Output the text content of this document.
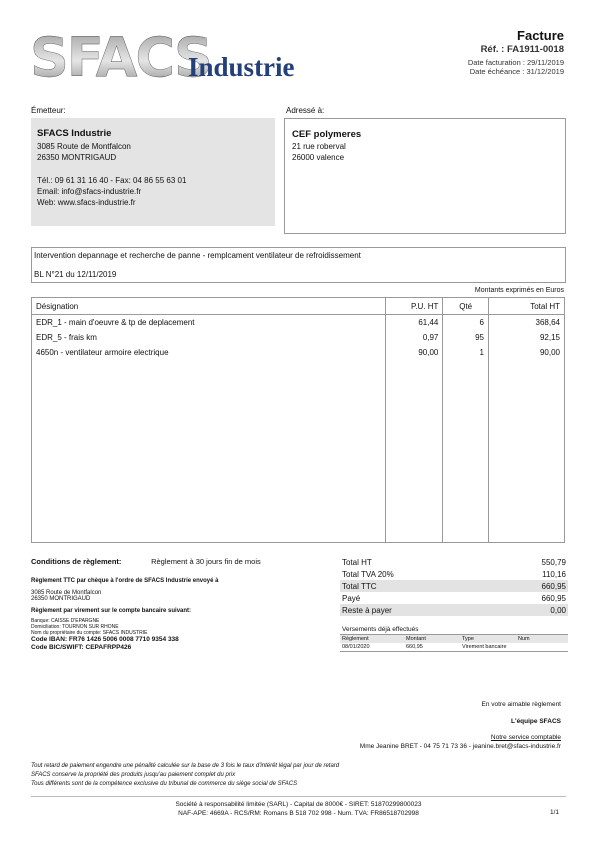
SFACS
Industrie
Facture
Réf. : FA1911-0018
Date facturation : 29/11/2019
Date échéance : 31/12/2019
Émetteur:
SFACS Industrie
3085 Route de Montfalcon
26350 MONTRIGAUD
Tél.: 09 61 31 16 40 - Fax: 04 86 55 63 01
Email: info@sfacs-industrie.fr
Web: www.sfacs-industrie.fr
Adressé à:
CEF polymeres
21 rue roberval
26000 valence
Intervention depannage et recherche de panne - remplcament ventilateur de refroidissement
BL N°21 du 12/11/2019
Montants exprimés en Euros
Désignation	P.U. HT	Qté	Total HT
EDR_1 - main d'oeuvre & tp de deplacement	61,44	6	368,64
EDR_5 - frais km	0,97	95	92,15
4650n - ventilateur armoire electrique	90,00	1	90,00

Conditions de règlement:	Règlement à 30 jours fin de mois
Règlement TTC par chèque à l'ordre de SFACS Industrie envoyé à
3085 Route de Montfalcon
26350 MONTRIGAUD
Règlement par virement sur le compte bancaire suivant:
Banque: CAISSE D'EPARGNE
Domiciliation: TOURNON SUR RHONE
Nom du propriétaire du compte: SFACS INDUSTRIE
Code IBAN: FR76 1426 5006 0008 7710 9354 338
Code BIC/SWIFT: CEPAFRPP426
Total HT	550,79
Total TVA 20%	110,16
Total TTC	660,95
Payé	660,95
Reste à payer	0,00
Versements déjà effectués
Règlement	Montant	Type	Num
08/01/2020	660,95	Virement bancaire	
En votre aimable règlement
L'équipe SFACS
Notre service comptable
Mme Jeanine BRET - 04 75 71 73 36 - jeanine.bret@sfacs-industrie.fr
Tout retard de paiement engendre une pénalité calculée sur la base de 3 fois le taux d'intérêt légal par jour de retard
SFACS conserve la propriété des produits jusqu'au paiement complet du prix
Tous différents sont de la compétence exclusive du tribunal de commerce du siège social de SFACS
Société à responsabilité limitée (SARL) - Capital de 8000€ - SIRET: 51870299800023
NAF-APE: 4669A - RCS/RM: Romans B 518 702 998 - Num. TVA: FR86518702998	1/1
